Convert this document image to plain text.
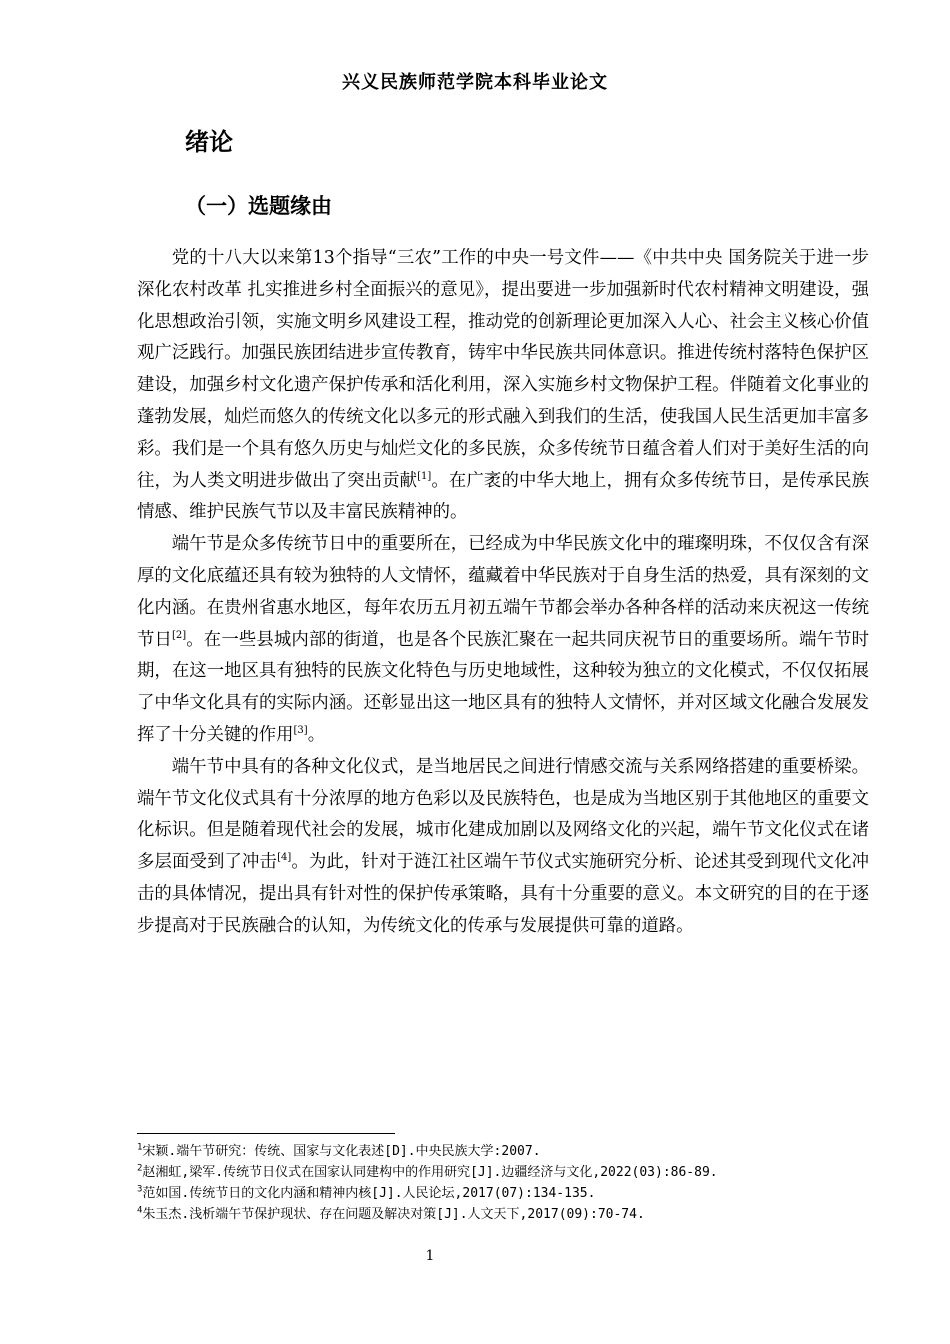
兴义民族师范学院本科毕业论文
绪论
（一）选题缘由

党的十八大以来第13个指导“三农”工作的中央一号文件——《中共中央 国务院关于进一步深化农村改革 扎实推进乡村全面振兴的意见》，提出要进一步加强新时代农村精神文明建设，强化思想政治引领，实施文明乡风建设工程，推动党的创新理论更加深入人心、社会主义核心价值观广泛践行。加强民族团结进步宣传教育，铸牢中华民族共同体意识。推进传统村落特色保护区建设，加强乡村文化遗产保护传承和活化利用，深入实施乡村文物保护工程。伴随着文化事业的蓬勃发展，灿烂而悠久的传统文化以多元的形式融入到我们的生活，使我国人民生活更加丰富多彩。我们是一个具有悠久历史与灿烂文化的多民族，众多传统节日蕴含着人们对于美好生活的向往，为人类文明进步做出了突出贡献[1]。在广袤的中华大地上，拥有众多传统节日，是传承民族情感、维护民族气节以及丰富民族精神的。

端午节是众多传统节日中的重要所在，已经成为中华民族文化中的璀璨明珠，不仅仅含有深厚的文化底蕴还具有较为独特的人文情怀，蕴藏着中华民族对于自身生活的热爱，具有深刻的文化内涵。在贵州省惠水地区，每年农历五月初五端午节都会举办各种各样的活动来庆祝这一传统节日[2]。在一些县城内部的街道，也是各个民族汇聚在一起共同庆祝节日的重要场所。端午节时期，在这一地区具有独特的民族文化特色与历史地域性，这种较为独立的文化模式，不仅仅拓展了中华文化具有的实际内涵。还彰显出这一地区具有的独特人文情怀，并对区域文化融合发展发挥了十分关键的作用[3]。

端午节中具有的各种文化仪式，是当地居民之间进行情感交流与关系网络搭建的重要桥梁。端午节文化仪式具有十分浓厚的地方色彩以及民族特色，也是成为当地区别于其他地区的重要文化标识。但是随着现代社会的发展，城市化建成加剧以及网络文化的兴起，端午节文化仪式在诸多层面受到了冲击[4]。为此，针对于涟江社区端午节仪式实施研究分析、论述其受到现代文化冲击的具体情况，提出具有针对性的保护传承策略，具有十分重要的意义。本文研究的目的在于逐步提高对于民族融合的认知，为传统文化的传承与发展提供可靠的道路。

$^1$宋颖.端午节研究：传统、国家与文化表述[D].中央民族大学:2007.
$^2$赵湘虹,梁军.传统节日仪式在国家认同建构中的作用研究[J].边疆经济与文化,2022(03):86-89.
$^3$范如国.传统节日的文化内涵和精神内核[J].人民论坛,2017(07):134-135.
$^4$朱玉杰.浅析端午节保护现状、存在问题及解决对策[J].人文天下,2017(09):70-74.
1
